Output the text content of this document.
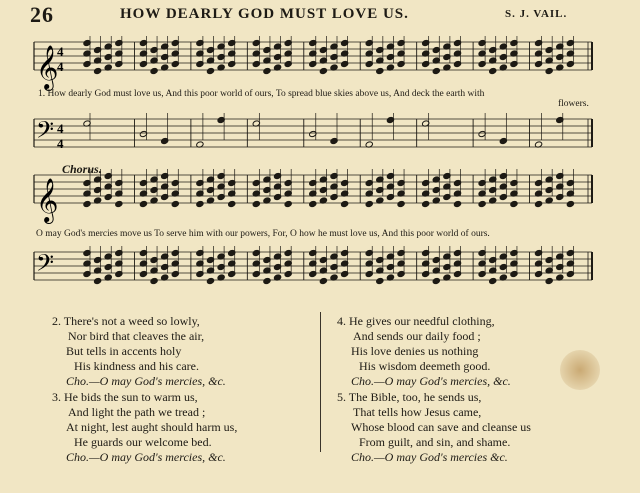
26	HOW DEARLY GOD MUST LOVE US.	S. J. VAIL.
𝄞
𝄢
𝄞
𝄢
4
4
4
4
1. How dearly God must love us, And this poor world of ours, To spread blue skies above us, And deck the earth with
flowers.
Chorus.
O may God's mercies move us To serve him with our powers, For, O how he must love us, And this poor world of ours.
2. There's not a weed so lowly,
Nor bird that cleaves the air,
But tells in accents holy
His kindness and his care.
Cho.—O may God's mercies, &c.
3. He bids the sun to warm us,
And light the path we tread ;
At night, lest aught should harm us,
He guards our welcome bed.
Cho.—O may God's mercies, &c.
4. He gives our needful clothing,
And sends our daily food ;
His love denies us nothing
His wisdom deemeth good.
Cho.—O may God's mercies, &c.
5. The Bible, too, he sends us,
That tells how Jesus came,
Whose blood can save and cleanse us
From guilt, and sin, and shame.
Cho.—O may God's mercies &c.
